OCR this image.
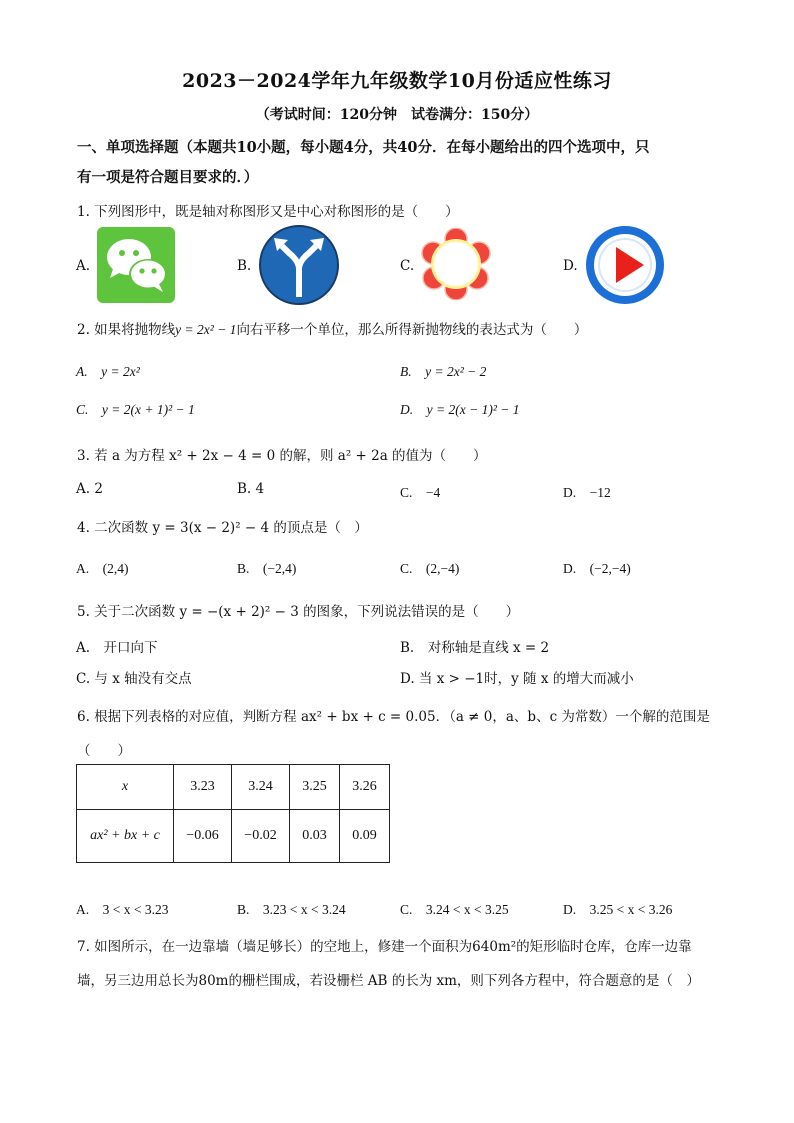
2023－2024学年九年级数学10月份适应性练习
（考试时间：120分钟　试卷满分：150分）
一、单项选择题（本题共10小题，每小题4分，共40分．在每小题给出的四个选项中，只
有一项是符合题目要求的．）
1. 下列图形中，既是轴对称图形又是中心对称图形的是（　　）
A.	B.	C.	D.
2. 如果将抛物线y = 2x² − 1向右平移一个单位，那么所得新抛物线的表达式为（　　）
A.　y = 2x²	B.　y = 2x² − 2
C.　y = 2(x + 1)² − 1	D.　y = 2(x − 1)² − 1
3. 若 a 为方程 x² + 2x − 4 = 0 的解，则 a² + 2a 的值为（　　）
A. 2	B. 4	C.　−4	D.　−12
4. 二次函数 y = 3(x − 2)² − 4 的顶点是（　）
A.　(2,4)	B.　(−2,4)	C.　(2,−4)	D.　(−2,−4)
5. 关于二次函数 y = −(x + 2)² − 3 的图象，下列说法错误的是（　　）
A.　开口向下	B.　对称轴是直线 x = 2
C. 与 x 轴没有交点	D. 当 x > −1时，y 随 x 的增大而减小
6. 根据下列表格的对应值，判断方程 ax² + bx + c = 0.05．（a ≠ 0，a、b、c 为常数）一个解的范围是
（　　）
x	3.23	3.24	3.25	3.26
ax² + bx + c	−0.06	−0.02	0.03	0.09
A.　3 < x < 3.23	B.　3.23 < x < 3.24	C.　3.24 < x < 3.25	D.　3.25 < x < 3.26
7. 如图所示，在一边靠墙（墙足够长）的空地上，修建一个面积为640m²的矩形临时仓库，仓库一边靠
墙，另三边用总长为80m的栅栏围成，若设栅栏 AB 的长为 xm，则下列各方程中，符合题意的是（　）
